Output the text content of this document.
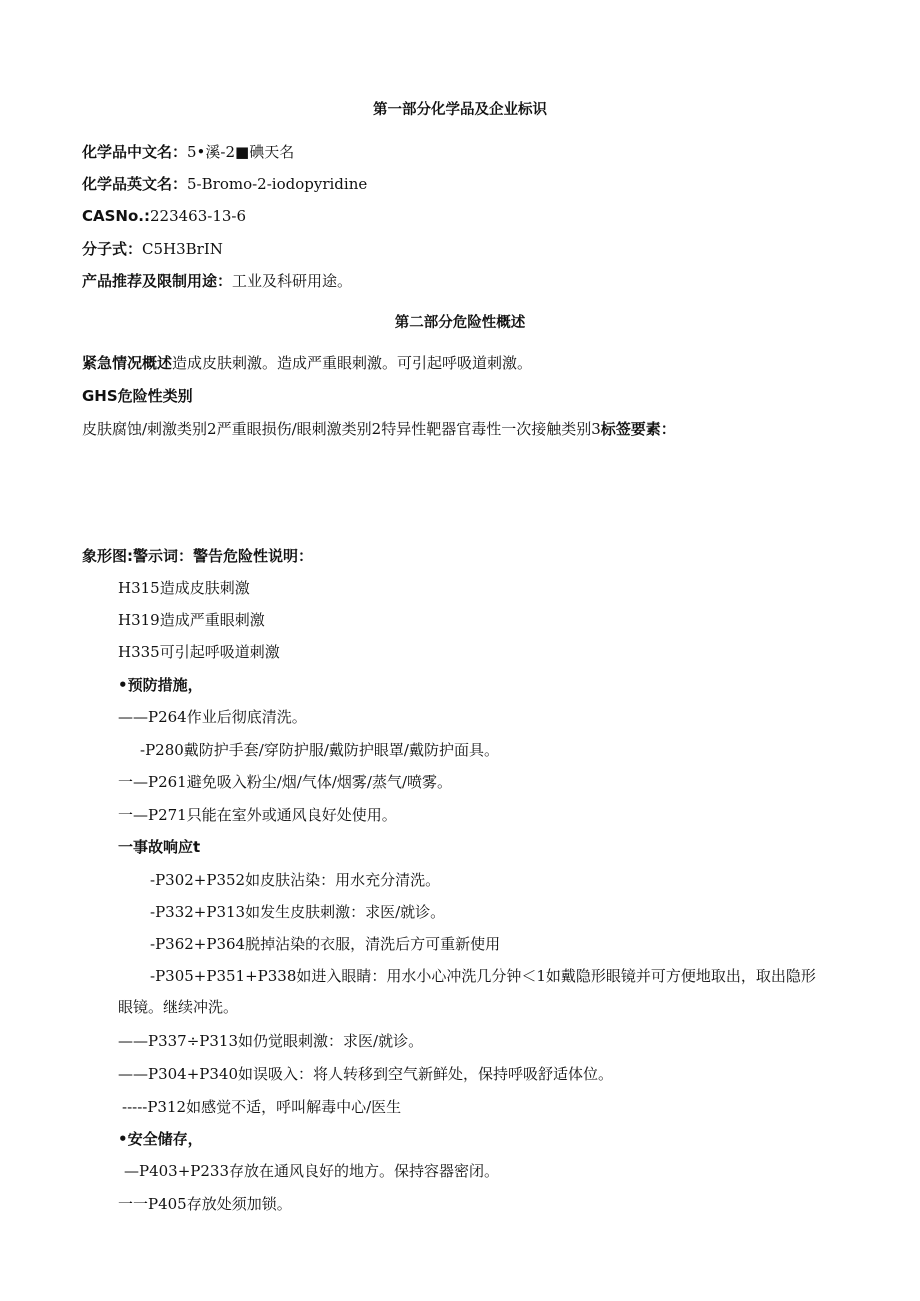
第一部分化学品及企业标识
化学品中文名：5•溪-2■碘天名
化学品英文名：5-Bromo-2-iodopyridine
CASNo.:223463-13-6
分子式：C5H3BrIN
产品推荐及限制用途：工业及科研用途。
第二部分危险性概述
紧急情况概述造成皮肤刺激。造成严重眼刺激。可引起呼吸道刺激。
GHS危险性类别
皮肤腐蚀/刺激类别2严重眼损伤/眼刺激类别2特异性靶器官毒性一次接触类别3标签要素：
象形图:警示词：警告危险性说明：
H315造成皮肤刺激
H319造成严重眼刺激
H335可引起呼吸道刺激
•预防措施，
——P264作业后彻底清洗。
-P280戴防护手套/穿防护服/戴防护眼罩/戴防护面具。
一—P261避免吸入粉尘/烟/气体/烟雾/蒸气/喷雾。
一—P271只能在室外或通风良好处使用。
一事故响应t
-P302+P352如皮肤沾染：用水充分清洗。
-P332+P313如发生皮肤刺激：求医/就诊。
-P362+P364脱掉沾染的衣服，清洗后方可重新使用
-P305+P351+P338如进入眼睛：用水小心冲洗几分钟＜1如戴隐形眼镜并可方便地取出，取出隐形
眼镜。继续冲洗。
——P337÷P313如仍觉眼刺激：求医/就诊。
——P304+P340如误吸入：将人转移到空气新鲜处，保持呼吸舒适体位。
-----P312如感觉不适，呼叫解毒中心/医生
•安全储存，
—P403+P233存放在通风良好的地方。保持容器密闭。
一一P405存放处须加锁。
